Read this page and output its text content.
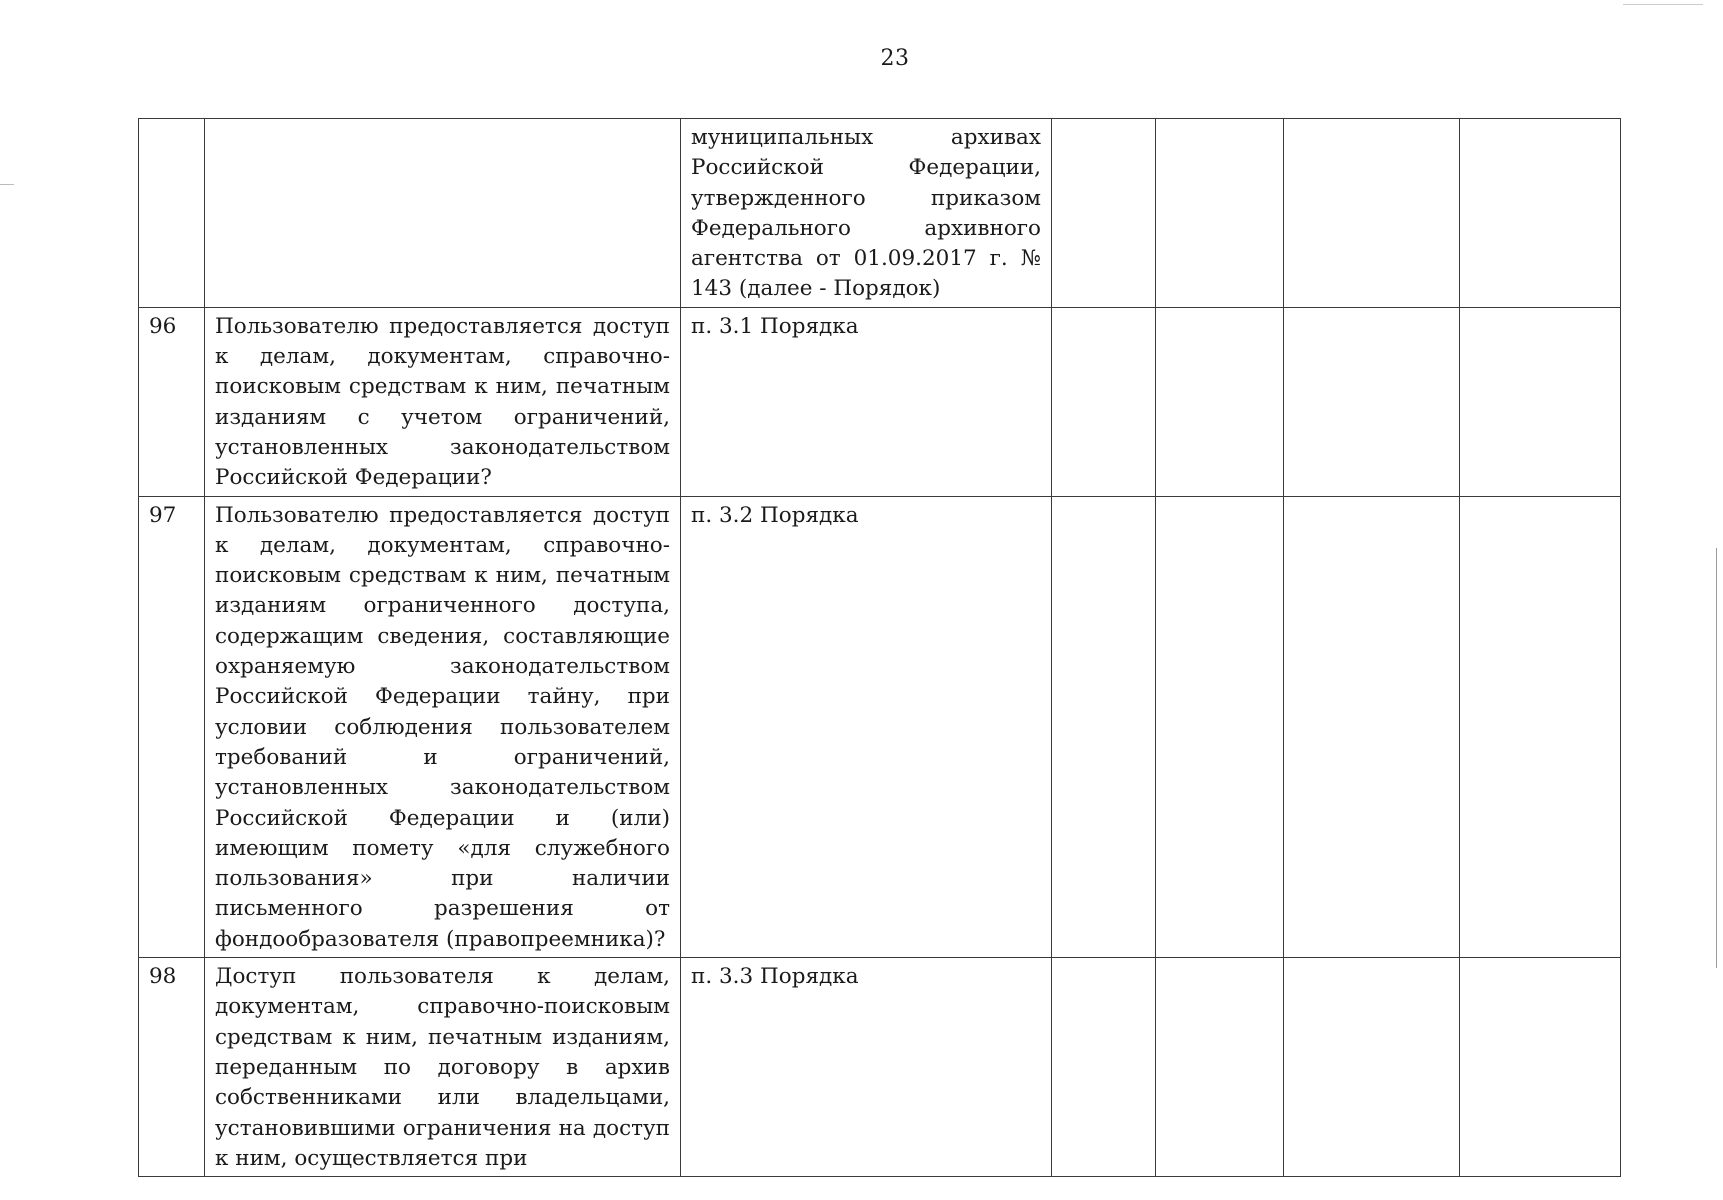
23
		муниципальных архивах Российской Федерации, утвержденного приказом Федерального архивного агентства от 01.09.2017 г. № 143 (далее - Порядок)				
96	Пользователю предоставляется доступ к делам, документам, справочно-поисковым средствам к ним, печатным изданиям с учетом ограничений, установленных законодательством Российской Федерации?	п. 3.1 Порядка				
97	Пользователю предоставляется доступ к делам, документам, справочно-поисковым средствам к ним, печатным изданиям ограниченного доступа, содержащим сведения, составляющие охраняемую законодательством Российской Федерации тайну, при условии соблюдения пользователем требований и ограничений, установленных законодательством Российской Федерации и (или) имеющим помету «для служебного пользования» при наличии письменного разрешения от фондообразователя (правопреемника)?	п. 3.2 Порядка				
98	Доступ пользователя к делам, документам, справочно-поисковым средствам к ним, печатным изданиям, переданным по договору в архив собственниками или владельцами, установившими ограничения на доступ к ним, осуществляется при	п. 3.3 Порядка				
